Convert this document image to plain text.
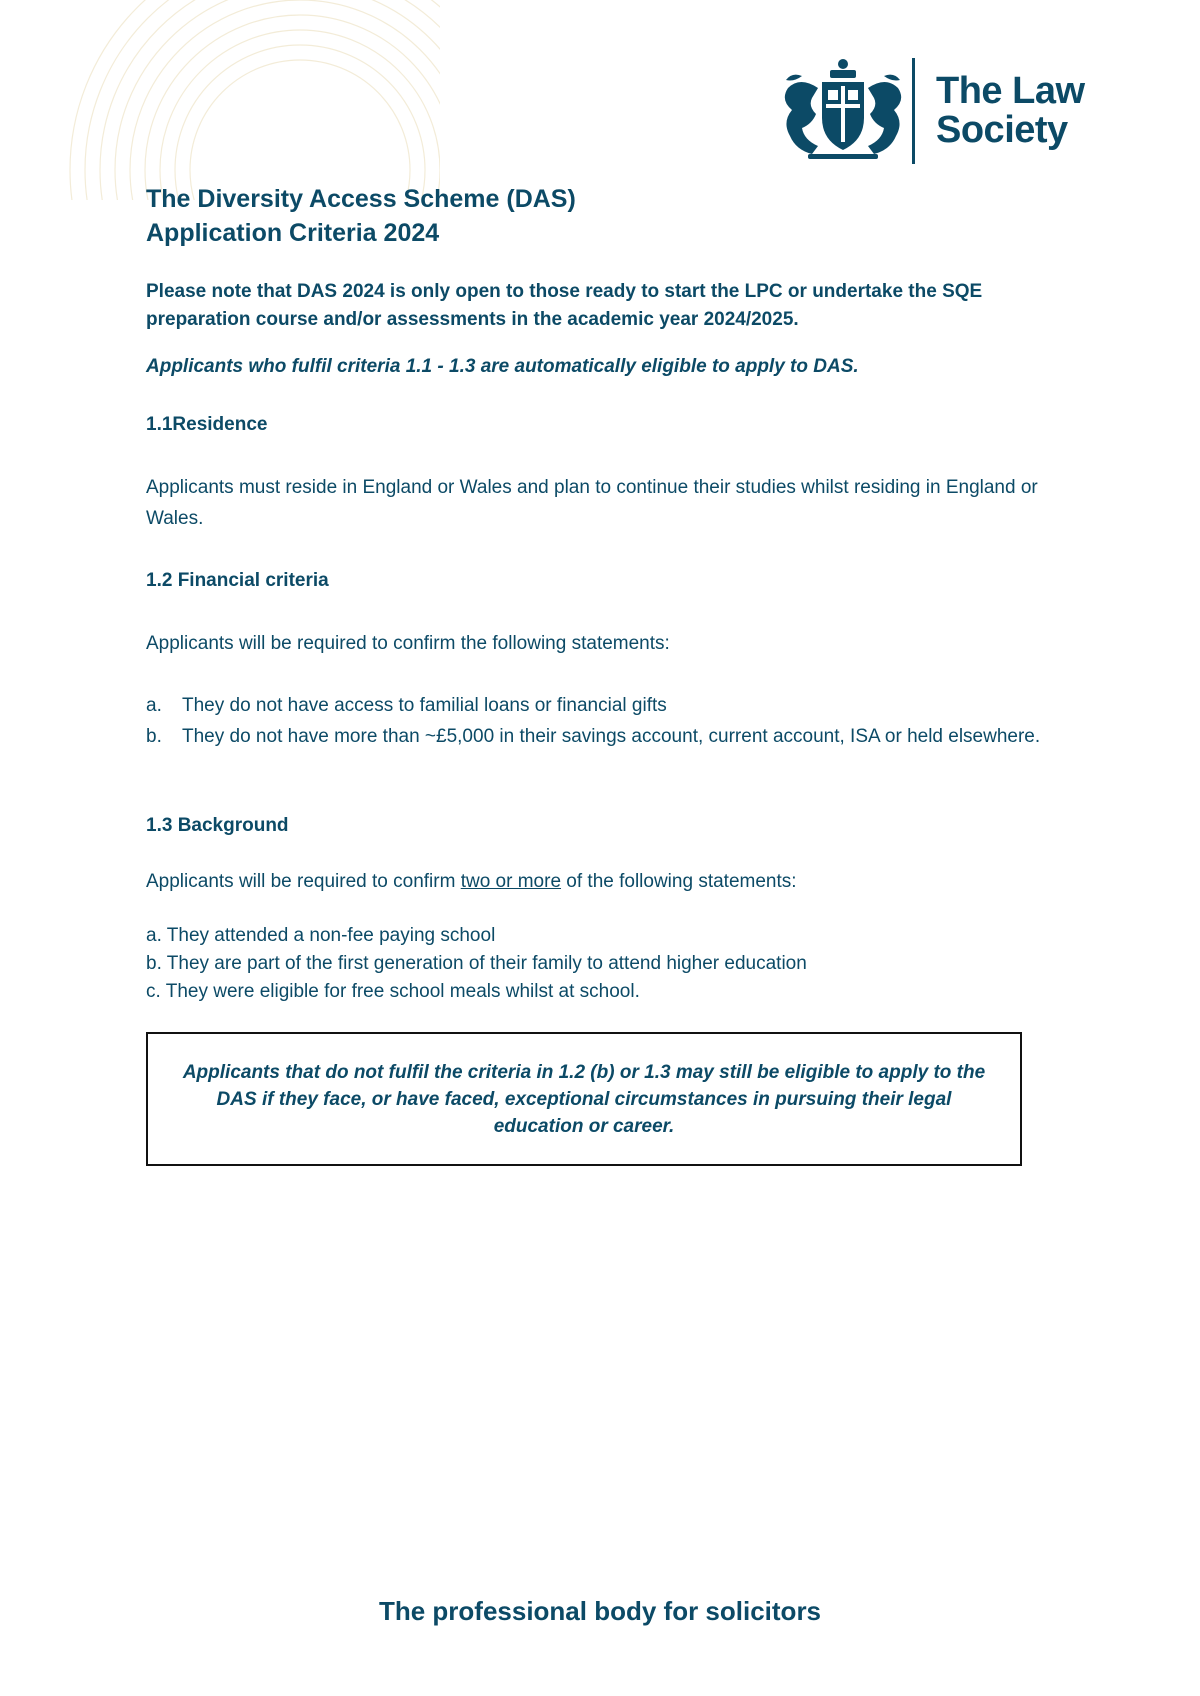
The Law Society
The Diversity Access Scheme (DAS)
Application Criteria 2024
Please note that DAS 2024 is only open to those ready to start the LPC or undertake the SQE preparation course and/or assessments in the academic year 2024/2025.
Applicants who fulfil criteria 1.1 - 1.3 are automatically eligible to apply to DAS.
1.1Residence
Applicants must reside in England or Wales and plan to continue their studies whilst residing in England or Wales.
1.2 Financial criteria
Applicants will be required to confirm the following statements:
a.	They do not have access to familial loans or financial gifts
b.	They do not have more than ~£5,000 in their savings account, current account, ISA or held elsewhere.
1.3 Background
Applicants will be required to confirm two or more of the following statements:
a. They attended a non-fee paying school
b. They are part of the first generation of their family to attend higher education
c. They were eligible for free school meals whilst at school.
Applicants that do not fulfil the criteria in 1.2 (b) or 1.3 may still be eligible to apply to the DAS if they face, or have faced, exceptional circumstances in pursuing their legal education or career.
The professional body for solicitors
